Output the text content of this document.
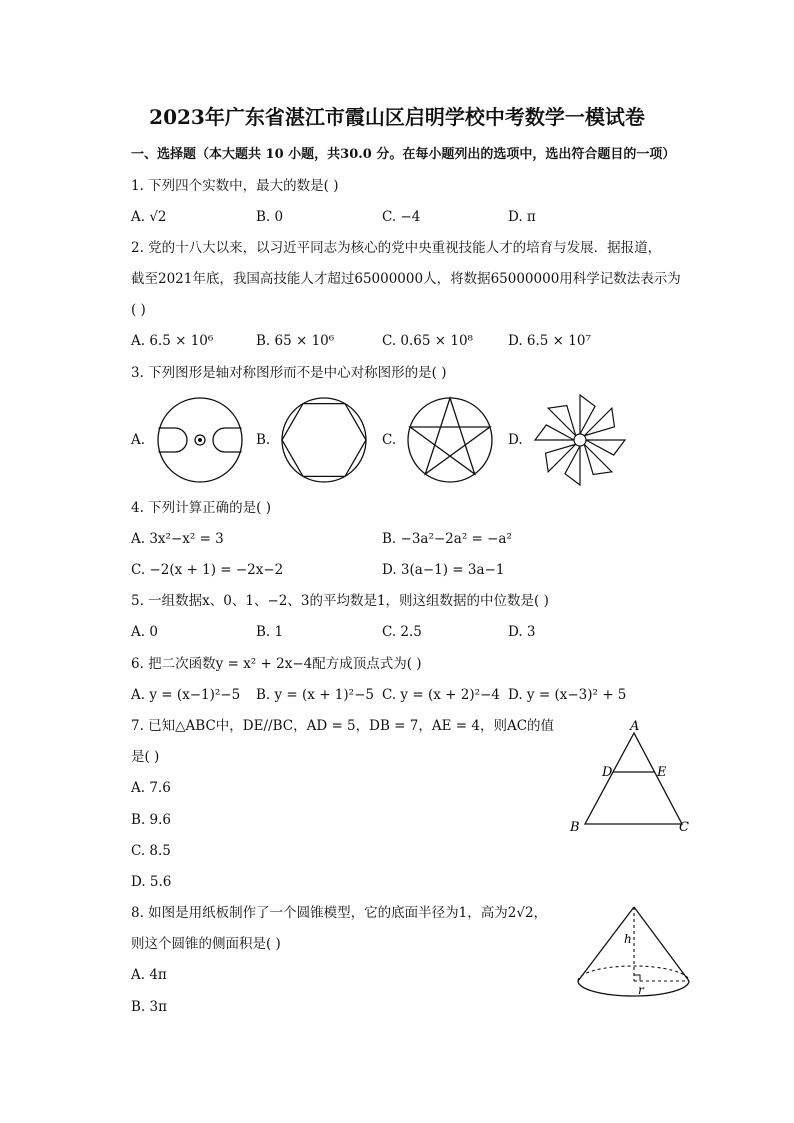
2023年广东省湛江市霞山区启明学校中考数学一模试卷
一、选择题（本大题共 10 小题，共30.0 分。在每小题列出的选项中，选出符合题目的一项）
1. 下列四个实数中，最大的数是( )
A. √2	B. 0	C. −4	D. π
2. 党的十八大以来，以习近平同志为核心的党中央重视技能人才的培育与发展．据报道，
截至2021年底，我国高技能人才超过65000000人，将数据65000000用科学记数法表示为
( )
A. 6.5 × 10⁶	B. 65 × 10⁶	C. 0.65 × 10⁸	D. 6.5 × 10⁷
3. 下列图形是轴对称图形而不是中心对称图形的是( )
A.	B.	C.	D.
4. 下列计算正确的是( )
A. 3x²−x² = 3	B. −3a²−2a² = −a²
C. −2(x + 1) = −2x−2	D. 3(a−1) = 3a−1
5. 一组数据x、0、1、−2、3的平均数是1，则这组数据的中位数是( )
A. 0	B. 1	C. 2.5	D. 3
6. 把二次函数y = x² + 2x−4配方成顶点式为( )
A. y = (x−1)²−5 B. y = (x + 1)²−5 C. y = (x + 2)²−4 D. y = (x−3)² + 5
7. 已知△ABC中，DE//BC，AD = 5，DB = 7，AE = 4，则AC的值
是( )
A. 7.6
B. 9.6
C. 8.5
D. 5.6
A
D	E
B	C
8. 如图是用纸板制作了一个圆锥模型，它的底面半径为1，高为2√2，
则这个圆锥的侧面积是( )
A. 4π
B. 3π
h
r
